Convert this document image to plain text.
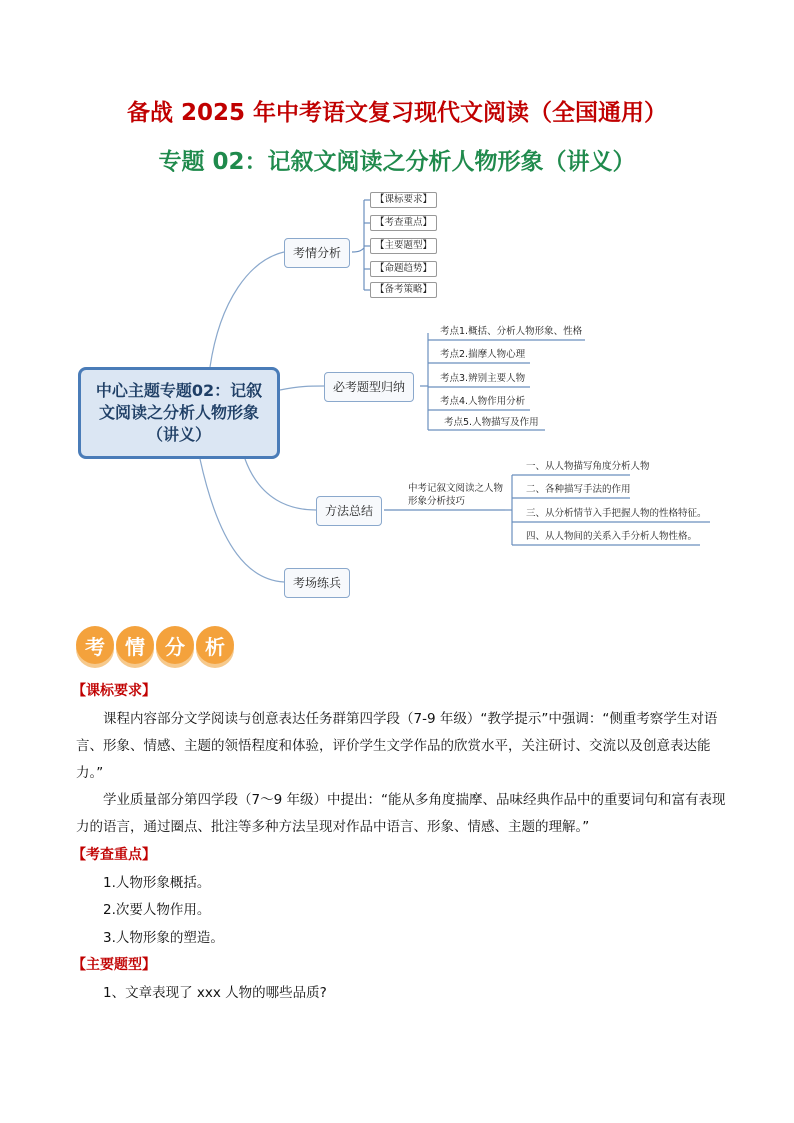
备战 2025 年中考语文复习现代文阅读（全国通用）
专题 02：记叙文阅读之分析人物形象（讲义）
中心主题专题02：记叙文阅读之分析人物形象（讲义）
考情分析
【课标要求】
【考查重点】
【主要题型】
【命题趋势】
【备考策略】
必考题型归纳
考点1.概括、分析人物形象、性格
考点2.揣摩人物心理
考点3.辨别主要人物
考点4.人物作用分析
考点5.人物描写及作用
方法总结
中考记叙文阅读之人物形象分析技巧
一、从人物描写角度分析人物
二、各种描写手法的作用
三、从分析情节入手把握人物的性格特征。
四、从人物间的关系入手分析人物性格。
考场练兵
考	情	分	析

【课标要求】

课程内容部分文学阅读与创意表达任务群第四学段（7-9 年级）“教学提示”中强调：“侧重考察学生对语言、形象、情感、主题的领悟程度和体验，评价学生文学作品的欣赏水平，关注研讨、交流以及创意表达能力。”

学业质量部分第四学段（7～9 年级）中提出：“能从多角度揣摩、品味经典作品中的重要词句和富有表现力的语言，通过圈点、批注等多种方法呈现对作品中语言、形象、情感、主题的理解。”

【考查重点】

1.人物形象概括。

2.次要人物作用。

3.人物形象的塑造。

【主要题型】

1、文章表现了 xxx 人物的哪些品质?
